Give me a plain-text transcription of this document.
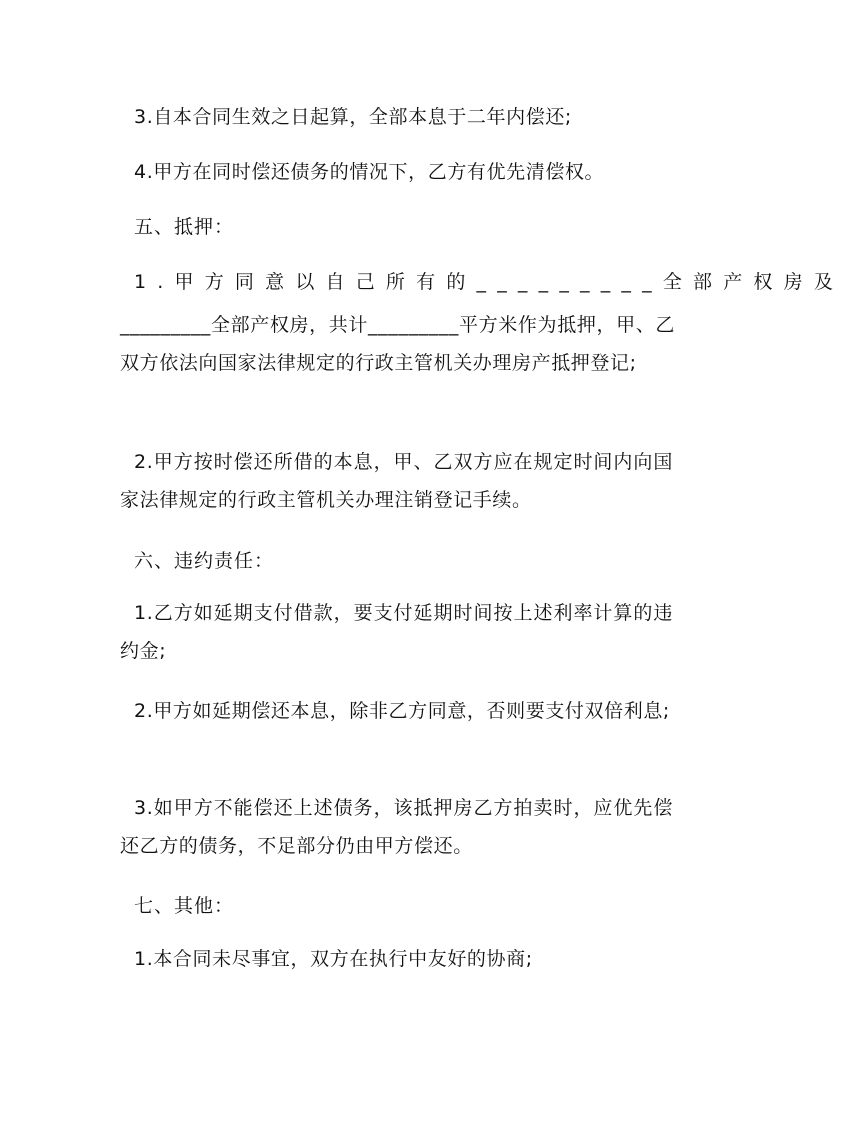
3.自本合同生效之日起算，全部本息于二年内偿还;
4.甲方在同时偿还债务的情况下，乙方有优先清偿权。
五、抵押：
1.甲方同意以自己所有的_________全部产权房及
_________全部产权房，共计_________平方米作为抵押，甲、乙双方依法向国家法律规定的行政主管机关办理房产抵押登记;
2.甲方按时偿还所借的本息，甲、乙双方应在规定时间内向国家法律规定的行政主管机关办理注销登记手续。
六、违约责任：
1.乙方如延期支付借款，要支付延期时间按上述利率计算的违约金;
2.甲方如延期偿还本息，除非乙方同意，否则要支付双倍利息;
3.如甲方不能偿还上述债务，该抵押房乙方拍卖时，应优先偿还乙方的债务，不足部分仍由甲方偿还。
七、其他：
1.本合同未尽事宜，双方在执行中友好的协商;
